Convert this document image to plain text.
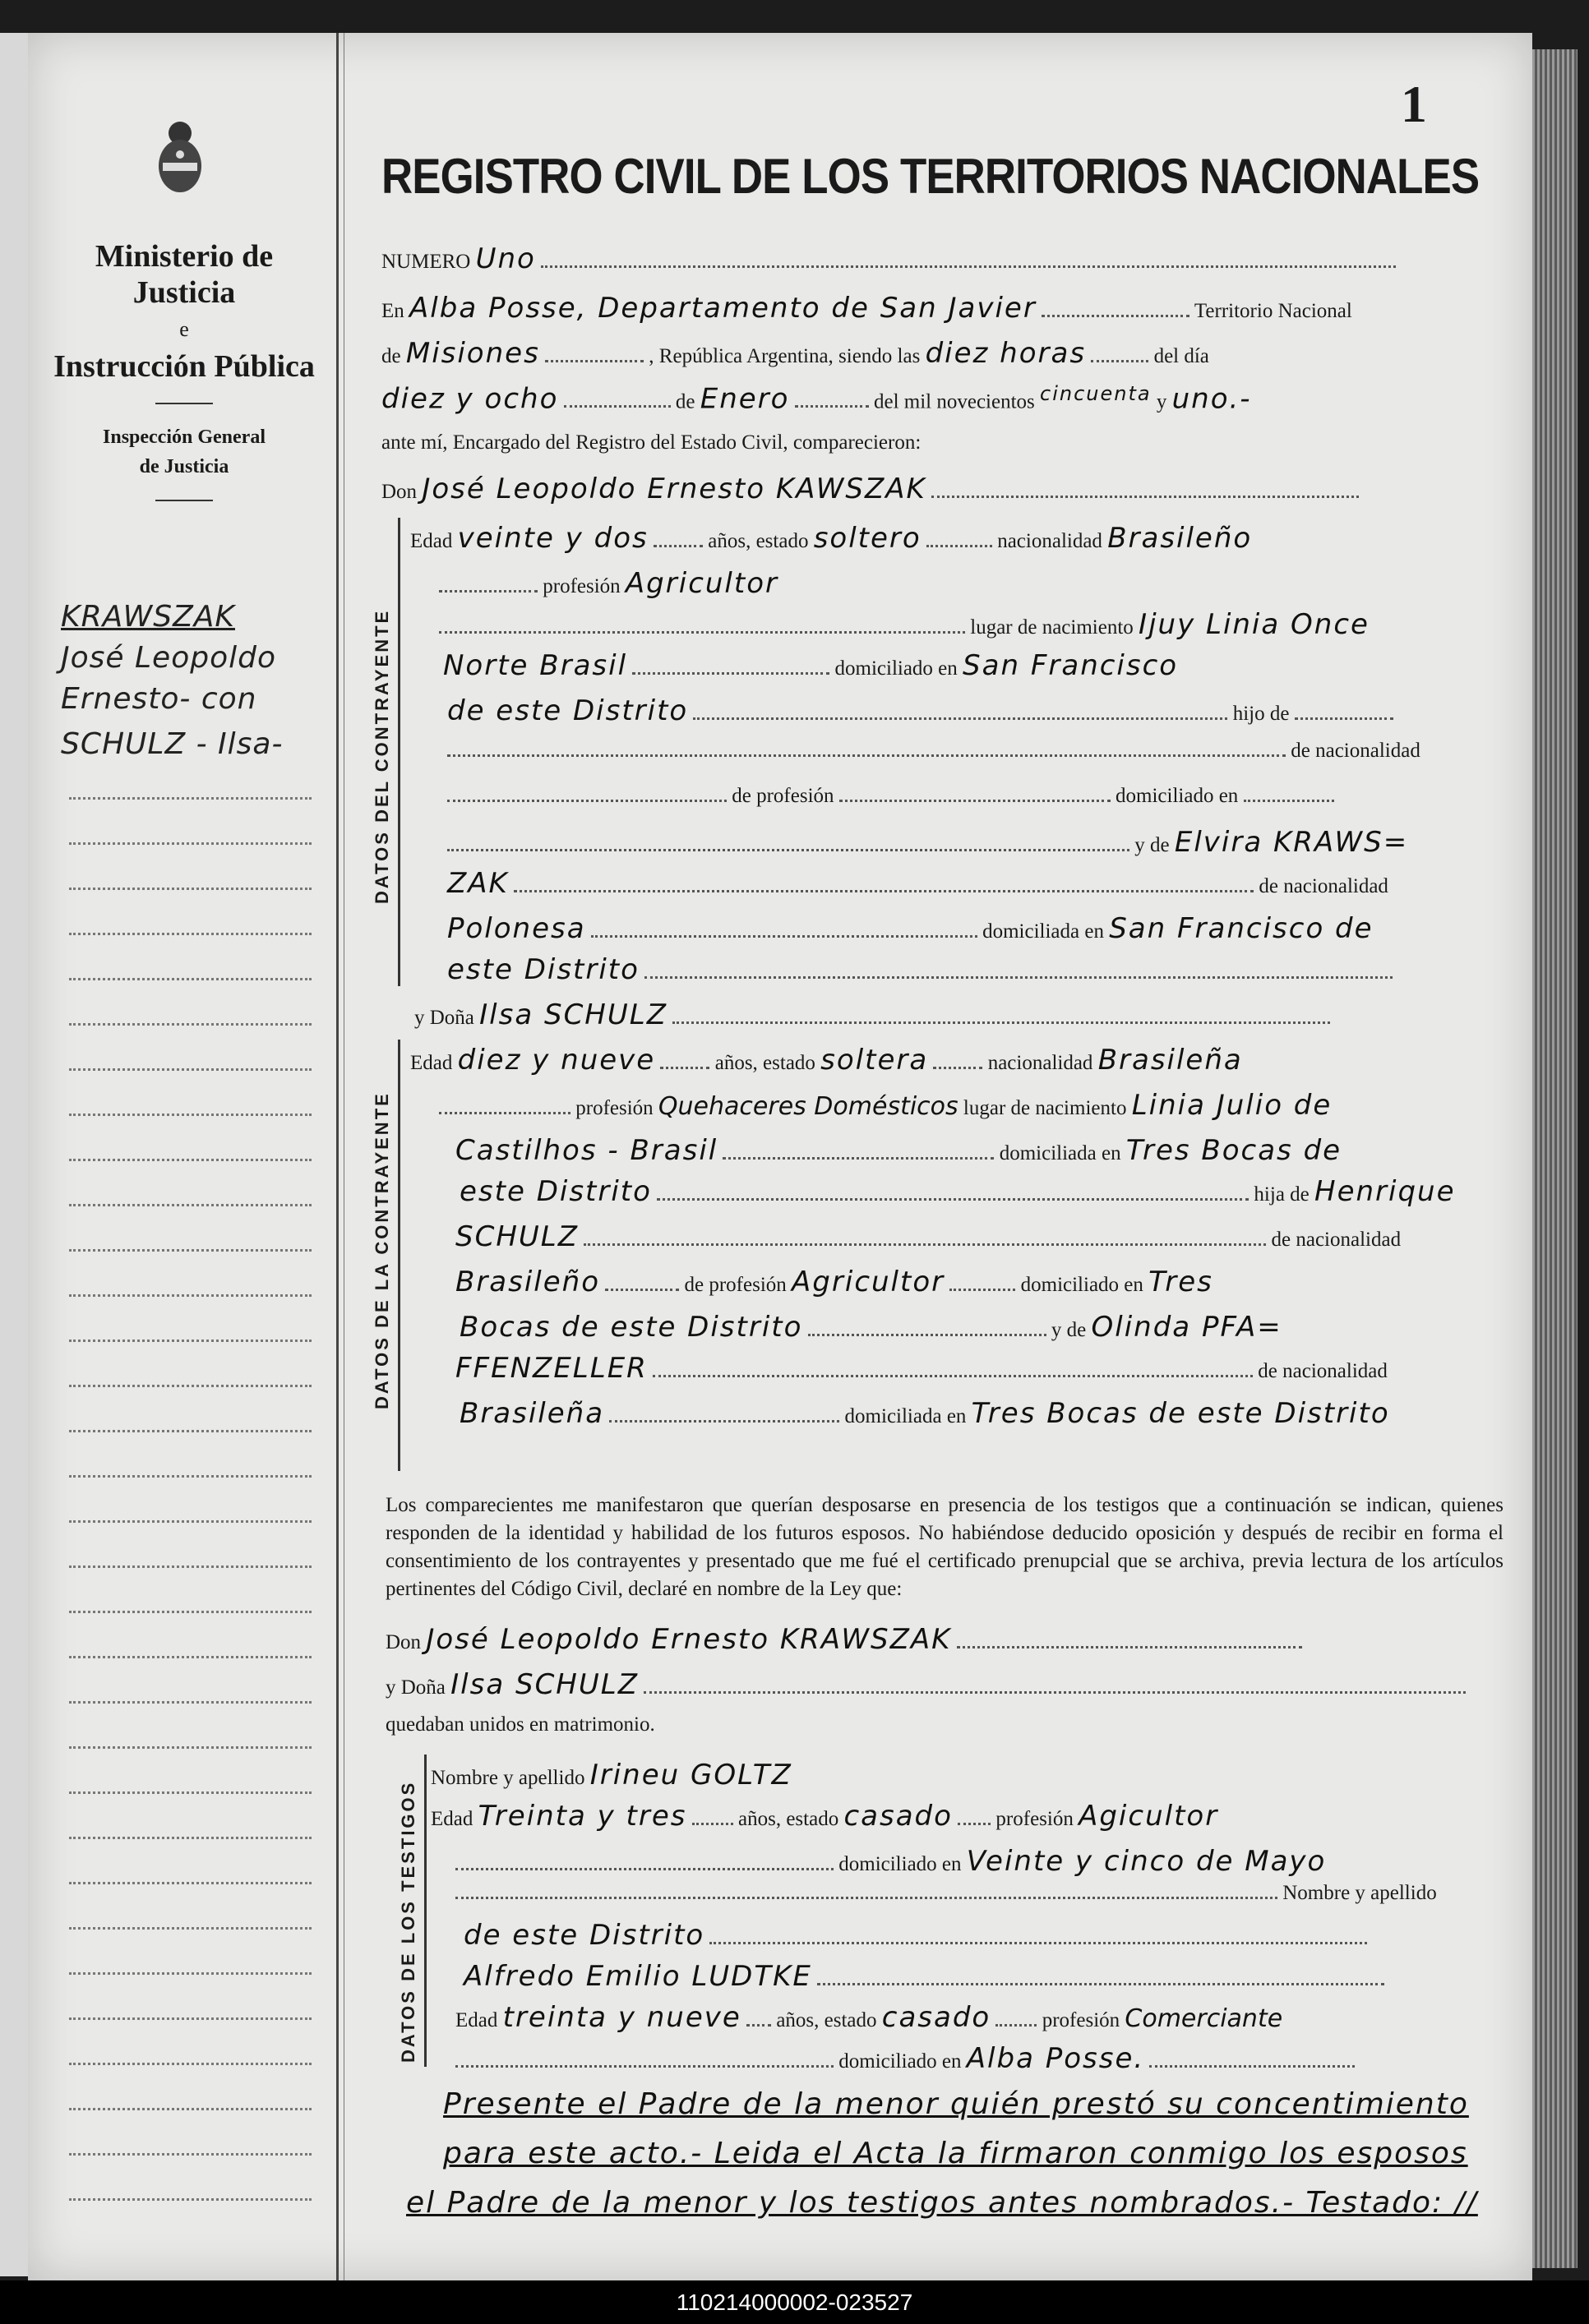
Ministerio de Justicia
e
Instrucción Pública
Inspección General
de Justicia
KRAWSZAK
José Leopoldo
Ernesto- con
SCHULZ - Ilsa-
1
REGISTRO CIVIL DE LOS TERRITORIOS NACIONALES
NUMERO Uno
En Alba Posse, Departamento de San Javier	Territorio Nacional
de Misiones	, República Argentina, siendo las diez horas	del día
diez y ocho	de Enero	del mil novecientos cincuenta y uno.-
ante mí, Encargado del Registro del Estado Civil, comparecieron:
Don José Leopoldo Ernesto KAWSZAK
DATOS DEL CONTRAYENTE
Edad veinte y dos	años, estado soltero	nacionalidad Brasileño
profesión Agricultor
lugar de nacimiento Ijuy Linia Once
Norte Brasil	domiciliado en San Francisco
de este Distrito	hijo de
de nacionalidad
de profesión	domiciliado en
y de Elvira KRAWS=
ZAK	de nacionalidad
Polonesa	domiciliada en San Francisco de
este Distrito
y Doña Ilsa SCHULZ
DATOS DE LA CONTRAYENTE
Edad diez y nueve	años, estado soltera	nacionalidad Brasileña
profesión Quehaceres Domésticos lugar de nacimiento Linia Julio de
Castilhos - Brasil	domiciliada en Tres Bocas de
este Distrito	hija de Henrique
SCHULZ	de nacionalidad
Brasileño	de profesión Agricultor	domiciliado en Tres
Bocas de este Distrito	y de Olinda PFA=
FFENZELLER	de nacionalidad
Brasileña	domiciliada en Tres Bocas de este Distrito
Los comparecientes me manifestaron que querían desposarse en presencia de los testigos que a continuación se indican, quienes responden de la identidad y habilidad de los futuros esposos. No habiéndose deducido oposición y después de recibir en forma el consentimiento de los contrayentes y presentado que me fué el certificado prenupcial que se archiva, previa lectura de los artículos pertinentes del Código Civil, declaré en nombre de la Ley que:
Don José Leopoldo Ernesto KRAWSZAK
y Doña Ilsa SCHULZ
quedaban unidos en matrimonio.
DATOS DE LOS TESTIGOS
Nombre y apellido Irineu GOLTZ
Edad Treinta y tres	años, estado casado profesión Agicultor
domiciliado en Veinte y cinco de Mayo
Nombre y apellido
de este Distrito
Alfredo Emilio LUDTKE
Edad treinta y nueve años, estado casado	profesión Comerciante
domiciliado en Alba Posse.
Presente el Padre de la menor quién prestó su concentimiento
para este acto.- Leida el Acta la firmaron conmigo los esposos
el Padre de la menor y los testigos antes nombrados.- Testado: //
110214000002-023527
